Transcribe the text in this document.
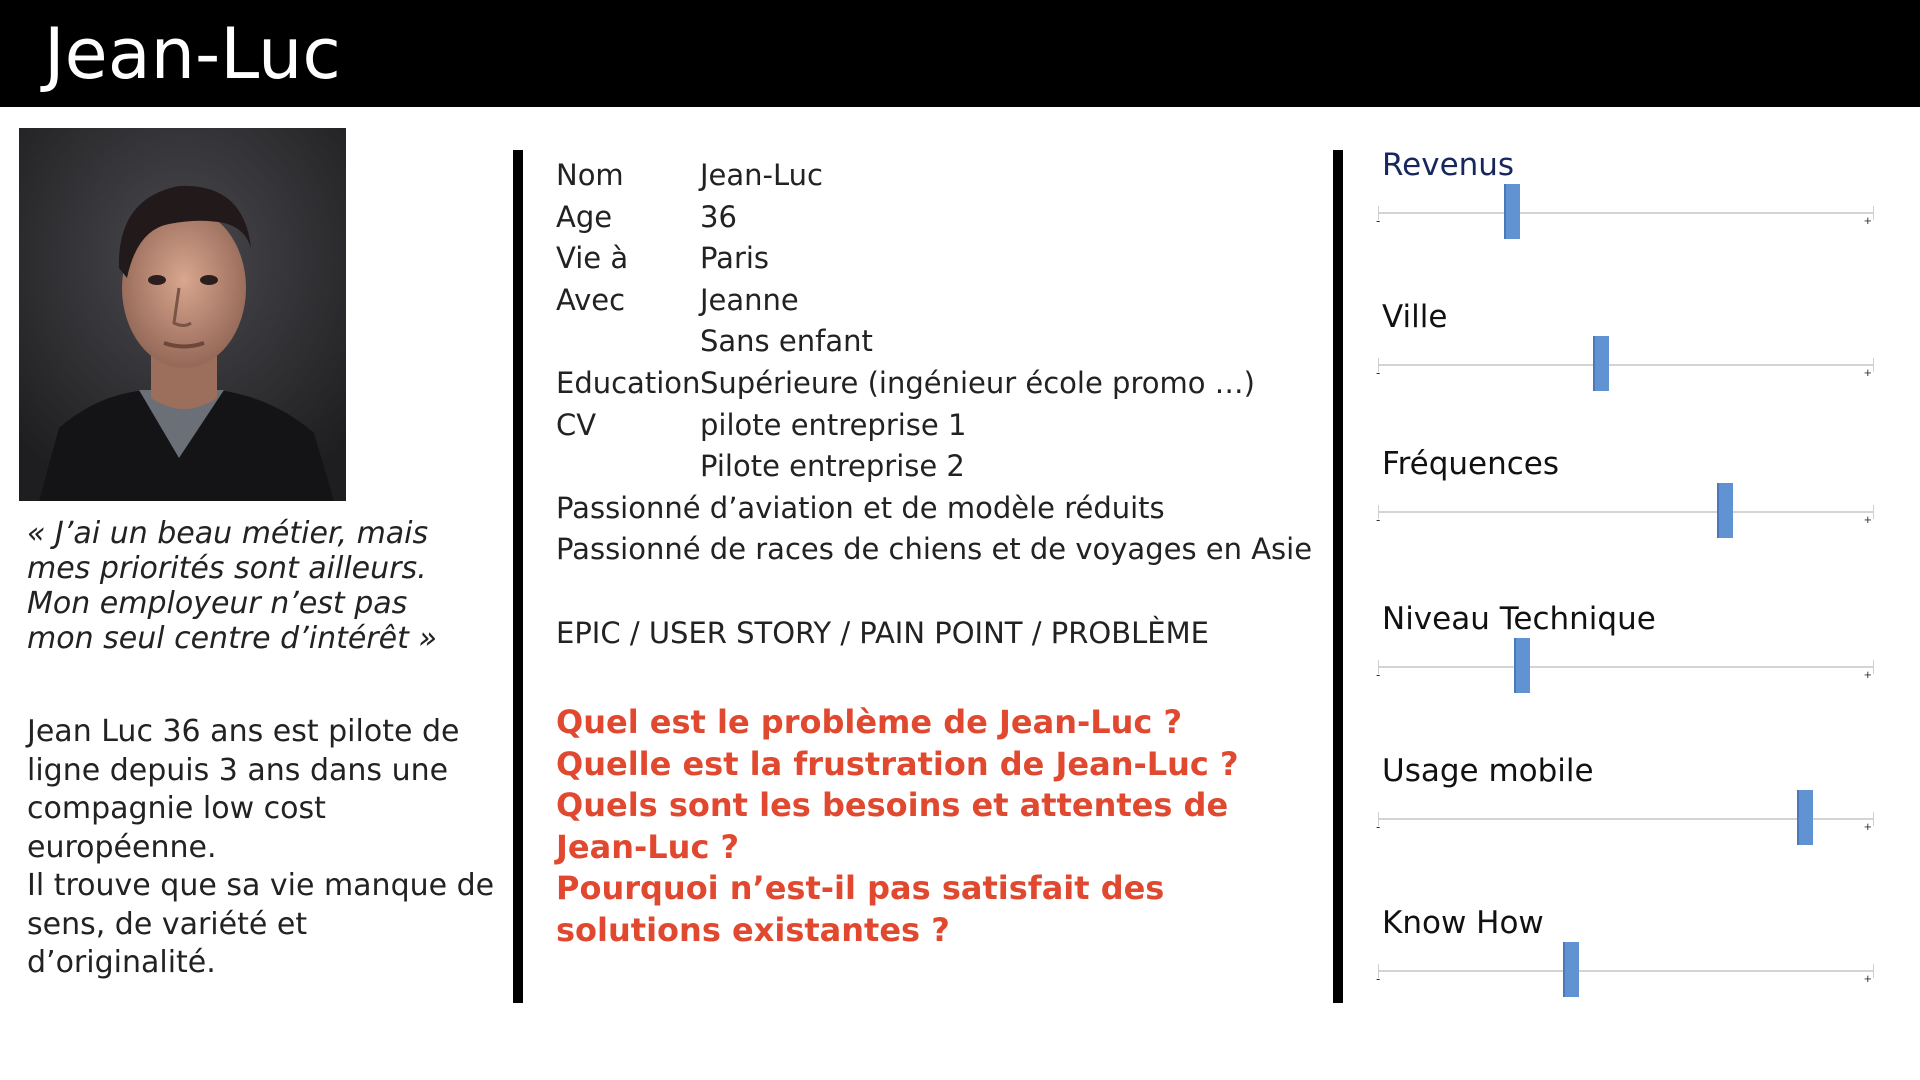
Jean-Luc
« J’ai un beau métier, mais
mes priorités sont ailleurs.
Mon employeur n’est pas
mon seul centre d’intérêt »

Jean Luc 36 ans est pilote de ligne depuis 3 ans dans une compagnie low cost européenne.

Il trouve que sa vie manque de sens, de variété et d’originalité.

Nom	Jean-Luc
Age	36
Vie à	Paris
Avec	Jeanne
Sans enfant
Education Supérieure (ingénieur école promo …)
CV	pilote entreprise 1
Pilote entreprise 2
Passionné d’aviation et de modèle réduits
Passionné de races de chiens et de voyages en Asie
EPIC / USER STORY / PAIN POINT / PROBLÈME

Quel est le problème de Jean-Luc ?

Quelle est la frustration de Jean-Luc ?

Quels sont les besoins et attentes de Jean-Luc ?

Pourquoi n’est-il pas satisfait des solutions existantes ?

Revenus
-	+
Ville
-	+
Fréquences
-	+
Niveau Technique
-	+
Usage mobile
-	+
Know How
-	+
